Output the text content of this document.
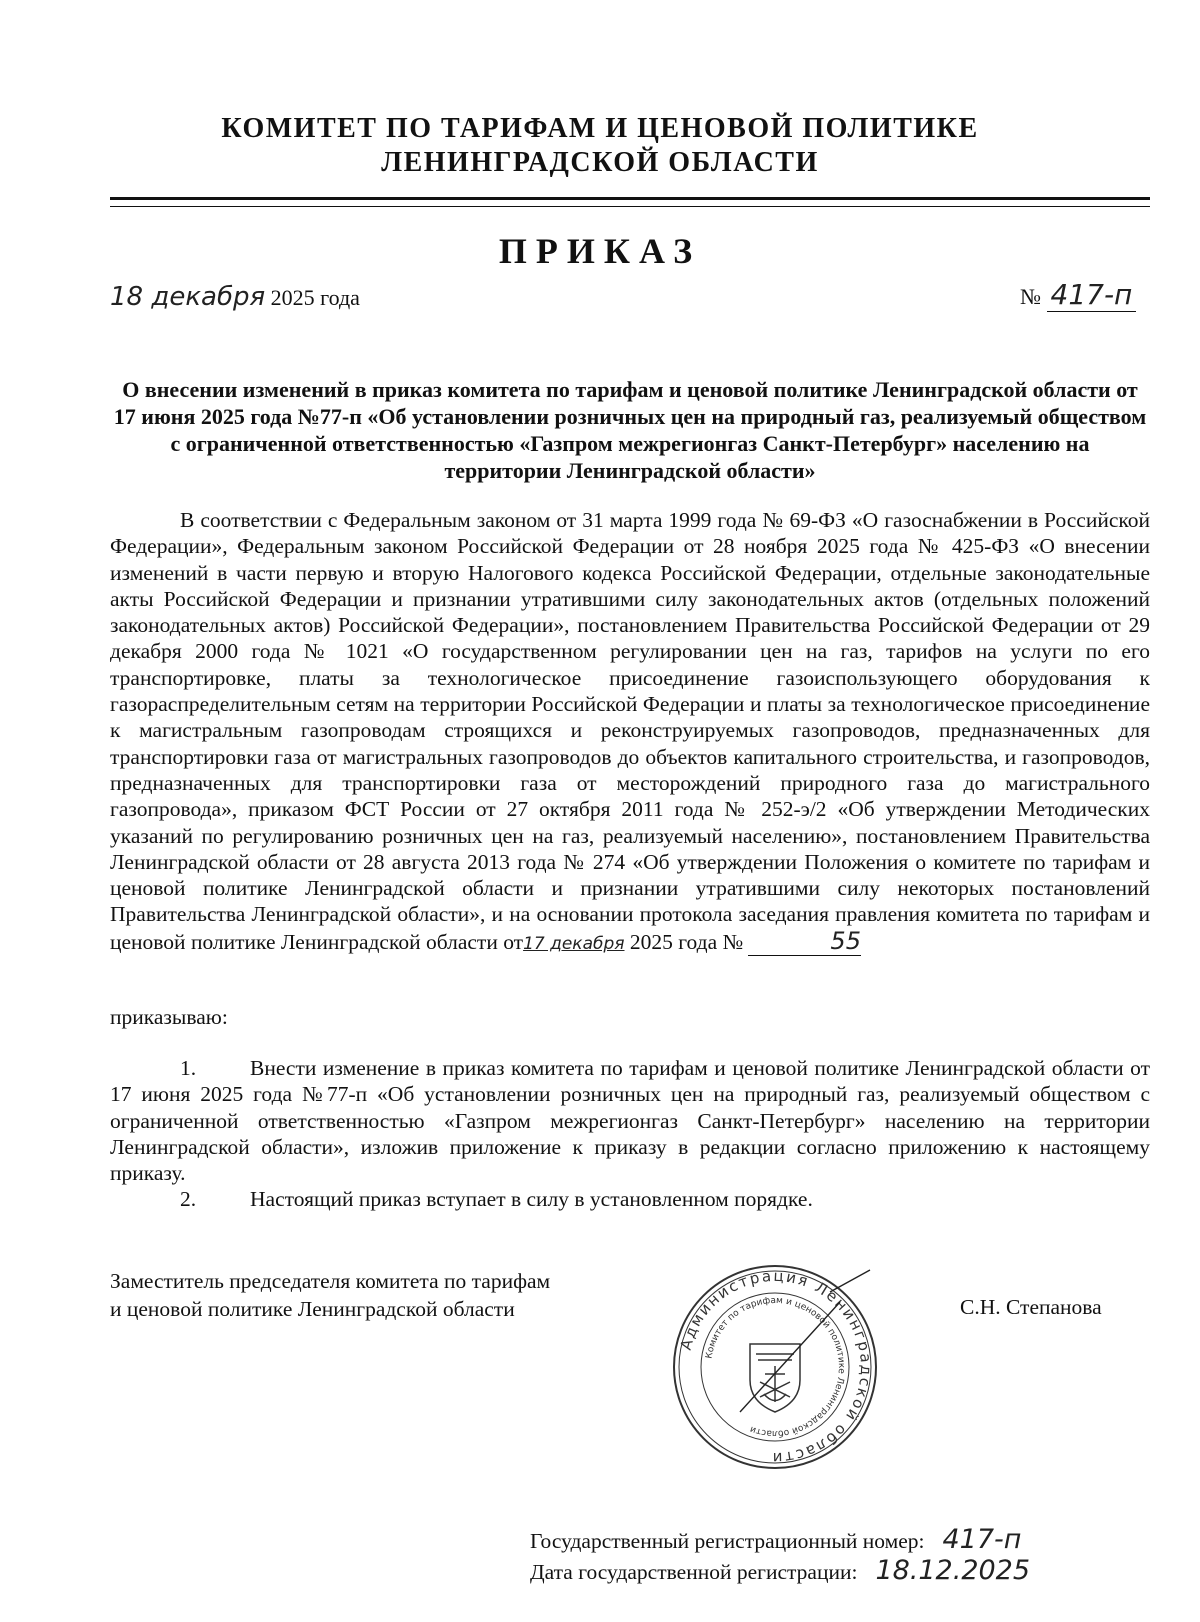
КОМИТЕТ ПО ТАРИФАМ И ЦЕНОВОЙ ПОЛИТИКЕ
ЛЕНИНГРАДСКОЙ ОБЛАСТИ
ПРИКАЗ
18 декабря 2025 года	№ 417-п
О внесении изменений в приказ комитета по тарифам и ценовой политике Ленинградской области от 17 июня 2025 года №77-п «Об установлении розничных цен на природный газ, реализуемый обществом с ограниченной ответственностью «Газпром межрегионгаз Санкт-Петербург» населению на территории Ленинградской области»
В соответствии с Федеральным законом от 31 марта 1999 года № 69-ФЗ «О газоснабжении в Российской Федерации», Федеральным законом Российской Федерации от 28 ноября 2025 года № 425-ФЗ «О внесении изменений в части первую и вторую Налогового кодекса Российской Федерации, отдельные законодательные акты Российской Федерации и признании утратившими силу законодательных актов (отдельных положений законодательных актов) Российской Федерации», постановлением Правительства Российской Федерации от 29 декабря 2000 года № 1021 «О государственном регулировании цен на газ, тарифов на услуги по его транспортировке, платы за технологическое присоединение газоиспользующего оборудования к газораспределительным сетям на территории Российской Федерации и платы за технологическое присоединение к магистральным газопроводам строящихся и реконструируемых газопроводов, предназначенных для транспортировки газа от магистральных газопроводов до объектов капитального строительства, и газопроводов, предназначенных для транспортировки газа от месторождений природного газа до магистрального газопровода», приказом ФСТ России от 27 октября 2011 года № 252-э/2 «Об утверждении Методических указаний по регулированию розничных цен на газ, реализуемый населению», постановлением Правительства Ленинградской области от 28 августа 2013 года № 274 «Об утверждении Положения о комитете по тарифам и ценовой политике Ленинградской области и признании утратившими силу некоторых постановлений Правительства Ленинградской области», и на основании протокола заседания правления комитета по тарифам и ценовой политике Ленинградской области от17 декабря 2025 года №	55
приказываю:
1.	Внести изменение в приказ комитета по тарифам и ценовой политике Ленинградской области от 17 июня 2025 года №77-п «Об установлении розничных цен на природный газ, реализуемый обществом с ограниченной ответственностью «Газпром межрегионгаз Санкт-Петербург» населению на территории Ленинградской области», изложив приложение к приказу в редакции согласно приложению к настоящему приказу.
2.	Настоящий приказ вступает в силу в установленном порядке.
Заместитель председателя комитета по тарифам
и ценовой политике Ленинградской области
Администрация Ленинградской области
Комитет по тарифам и ценовой политике Ленинградской области
С.Н. Степанова
Государственный регистрационный номер: 417-п
Дата государственной регистрации: 18.12.2025
